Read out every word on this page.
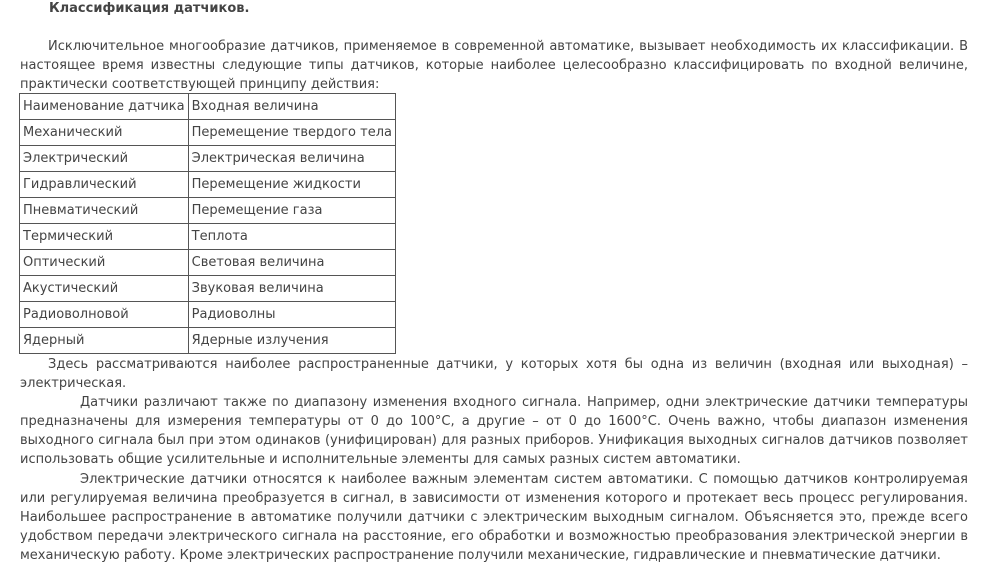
Классификация датчиков.

Исключительное многообразие датчиков, применяемое в современной автоматике, вызывает необходимость их классификации. В настоящее время известны следующие типы датчиков, которые наиболее целесообразно классифицировать по входной величине, практически соответствующей принципу действия:

Наименование датчика	Входная величина
Механический	Перемещение твердого тела
Электрический	Электрическая величина
Гидравлический	Перемещение жидкости
Пневматический	Перемещение газа
Термический	Теплота
Оптический	Световая величина
Акустический	Звуковая величина
Радиоволновой	Радиоволны
Ядерный	Ядерные излучения

Здесь рассматриваются наиболее распространенные датчики, у которых хотя бы одна из величин (входная или выходная) – электрическая.

Датчики различают также по диапазону изменения входного сигнала. Например, одни электрические датчики температуры предназначены для измерения температуры от 0 до 100°С, а другие – от 0 до 1600°С. Очень важно, чтобы диапазон изменения выходного сигнала был при этом одинаков (унифицирован) для разных приборов. Унификация выходных сигналов датчиков позволяет использовать общие усилительные и исполнительные элементы для самых разных систем автоматики.

Электрические датчики относятся к наиболее важным элементам систем автоматики. С помощью датчиков контролируемая или регулируемая величина преобразуется в сигнал, в зависимости от изменения которого и протекает весь процесс регулирования. Наибольшее распространение в автоматике получили датчики с электрическим выходным сигналом. Объясняется это, прежде всего удобством передачи электрического сигнала на расстояние, его обработки и возможностью преобразования электрической энергии в механическую работу. Кроме электрических распространение получили механические, гидравлические и пневматические датчики.
